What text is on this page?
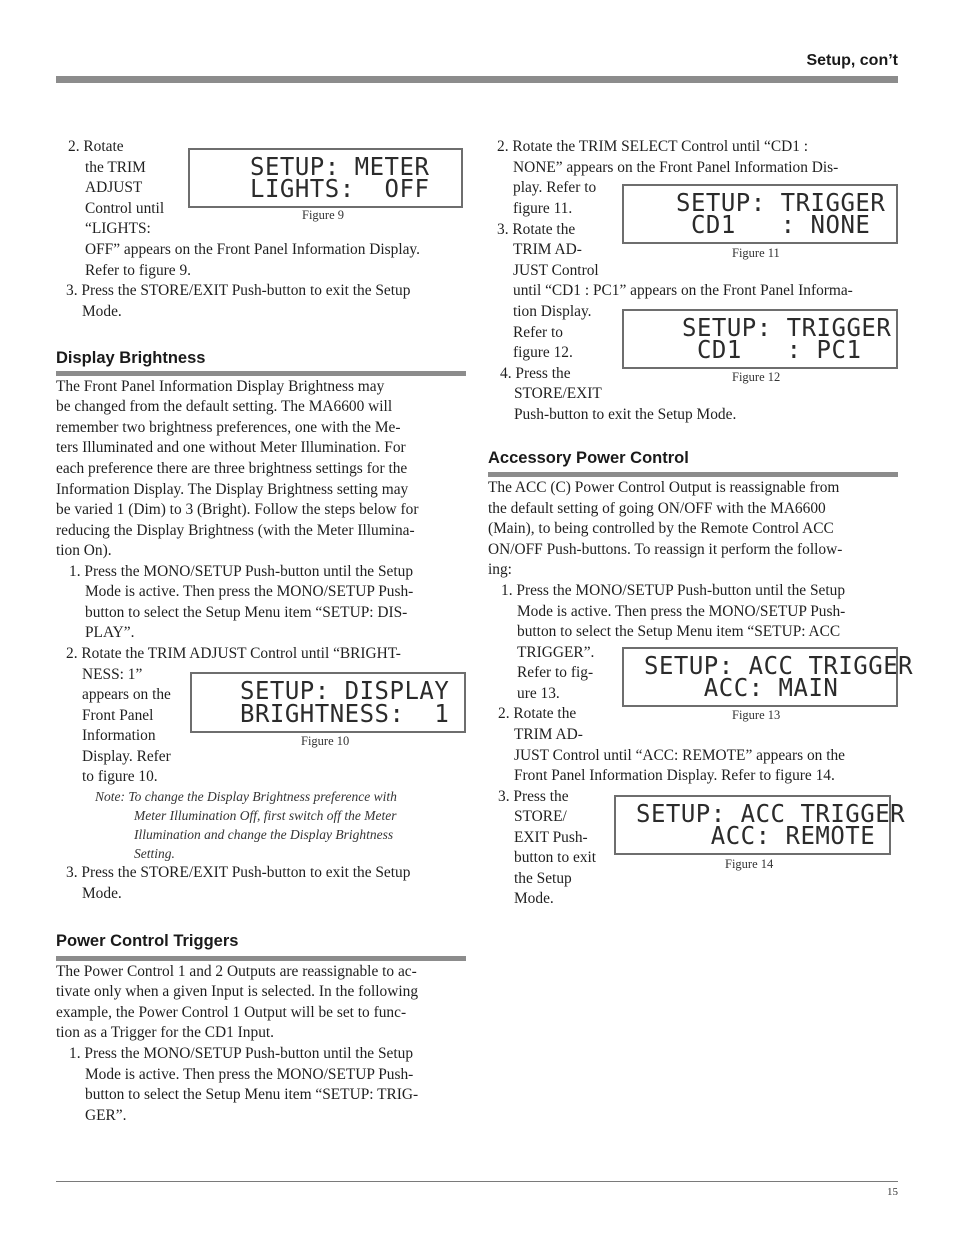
Setup, con’t
2. Rotate
the TRIM
ADJUST
Control until
“LIGHTS:
OFF” appears on the Front Panel Information Display.
Refer to figure 9.
3. Press the STORE/EXIT Push-button to exit the Setup
Mode.
SETUP: METER
LIGHTS:  OFF
Figure 9
Display Brightness
The Front Panel Information Display Brightness may
be changed from the default setting. The MA6600 will
remember two brightness preferences, one with the Me-
ters Illuminated and one without Meter Illumination. For
each preference there are three brightness settings for the
Information Display. The Display Brightness setting may
be varied 1 (Dim) to 3 (Bright). Follow the steps below for
reducing the Display Brightness (with the Meter Illumina-
tion On).
1. Press the MONO/SETUP Push-button until the Setup
Mode is active. Then press the MONO/SETUP Push-
button to select the Setup Menu item “SETUP: DIS-
PLAY”.
2. Rotate the TRIM ADJUST Control until “BRIGHT-
NESS: 1”
appears on the
Front Panel
Information
Display. Refer
to figure 10.
SETUP: DISPLAY
BRIGHTNESS:  1
Figure 10
Note: To change the Display Brightness preference with
Meter Illumination Off, first switch off the Meter
Illumination and change the Display Brightness
Setting.
3. Press the STORE/EXIT Push-button to exit the Setup
Mode.
Power Control Triggers
The Power Control 1 and 2 Outputs are reassignable to ac-
tivate only when a given Input is selected. In the following
example, the Power Control 1 Output will be set to func-
tion as a Trigger for the CD1 Input.
1. Press the MONO/SETUP Push-button until the Setup
Mode is active. Then press the MONO/SETUP Push-
button to select the Setup Menu item “SETUP: TRIG-
GER”.
2. Rotate the TRIM SELECT Control until “CD1 :
NONE” appears on the Front Panel Information Dis-
play. Refer to
figure 11.
3. Rotate the
TRIM AD-
JUST Control
until “CD1 : PC1” appears on the Front Panel Informa-
tion Display.
Refer to
figure 12.
4. Press the
STORE/EXIT
Push-button to exit the Setup Mode.
SETUP: TRIGGER
CD1   : NONE
Figure 11
SETUP: TRIGGER
CD1   : PC1
Figure 12
Accessory Power Control
The ACC (C) Power Control Output is reassignable from
the default setting of going ON/OFF with the MA6600
(Main), to being controlled by the Remote Control ACC
ON/OFF Push-buttons. To reassign it perform the follow-
ing:
1. Press the MONO/SETUP Push-button until the Setup
Mode is active. Then press the MONO/SETUP Push-
button to select the Setup Menu item “SETUP: ACC
TRIGGER”.
Refer to fig-
ure 13.
2. Rotate the
TRIM AD-
JUST Control until “ACC: REMOTE” appears on the
Front Panel Information Display. Refer to figure 14.
3. Press the
STORE/
EXIT Push-
button to exit
the Setup
Mode.
SETUP: ACC TRIGGER
ACC: MAIN
Figure 13
SETUP: ACC TRIGGER
ACC: REMOTE
Figure 14
15
